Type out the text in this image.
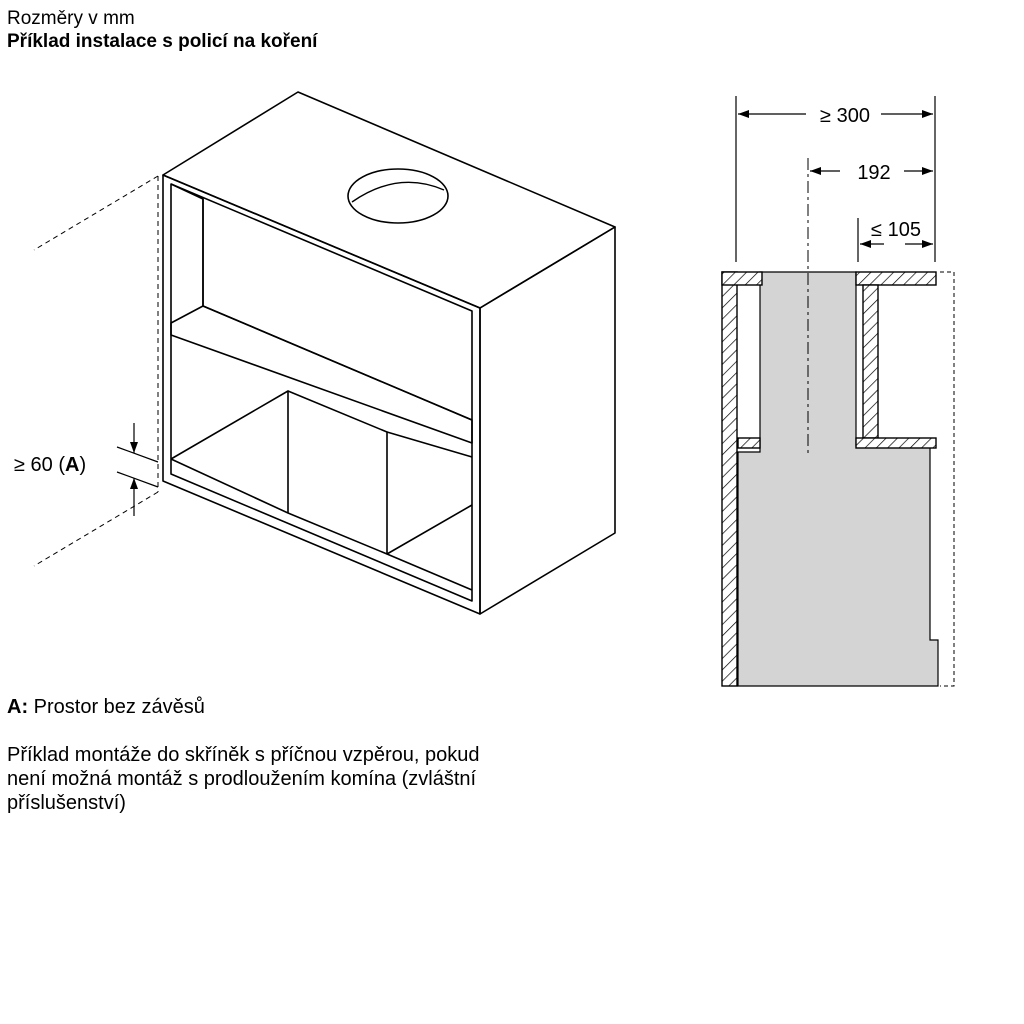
Rozměry v mm
Příklad instalace s policí na koření
≥ 60 (A)
≥ 300
192
≤ 105
A: Prostor bez závěsů
Příklad montáže do skříněk s příčnou vzpěrou, pokud
není možná montáž s prodloužením komína (zvláštní
příslušenství)
